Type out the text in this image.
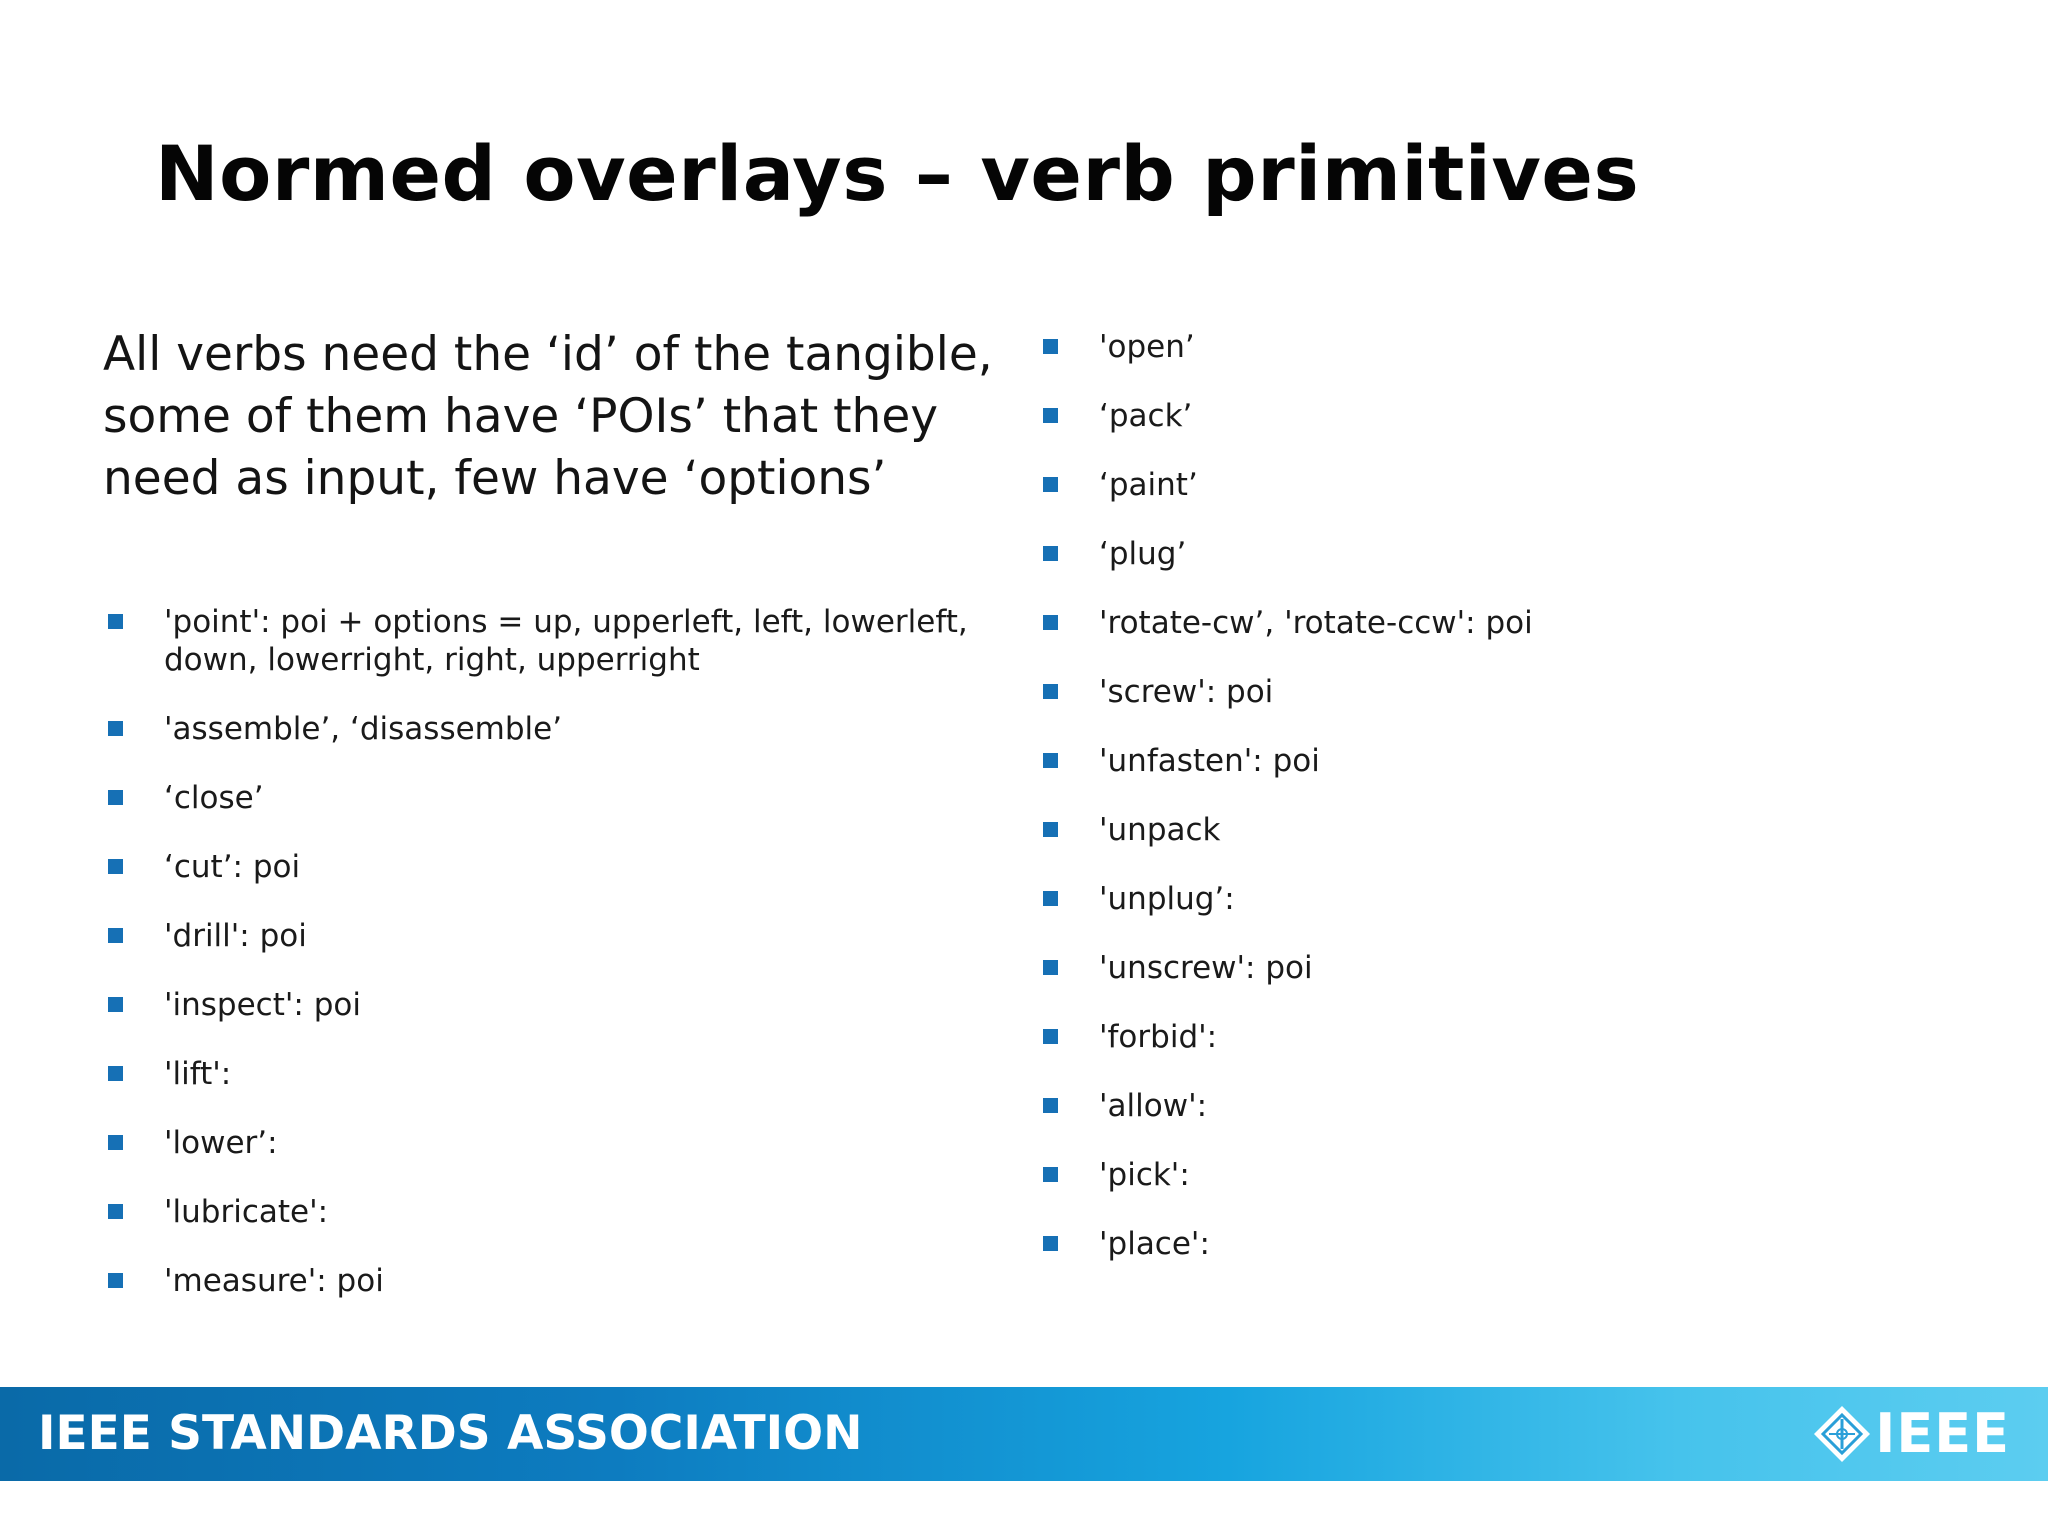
Normed overlays – verb primitives

All verbs need the ‘id’ of the tangible, some of them have ‘POIs’ that they need as input, few have ‘options’

'point': poi + options = up, upperleft, left, lowerleft, down, lowerright, right, upperright
'assemble’, ‘disassemble’
‘close’
‘cut’: poi
'drill': poi
'inspect': poi
'lift':
'lower’:
'lubricate':
'measure': poi
'open’
‘pack’
‘paint’
‘plug’
'rotate-cw’, 'rotate-ccw': poi
'screw': poi
'unfasten': poi
'unpack
'unplug’:
'unscrew': poi
'forbid':
'allow':
'pick':
'place':
IEEE STANDARDS ASSOCIATION	IEEE
